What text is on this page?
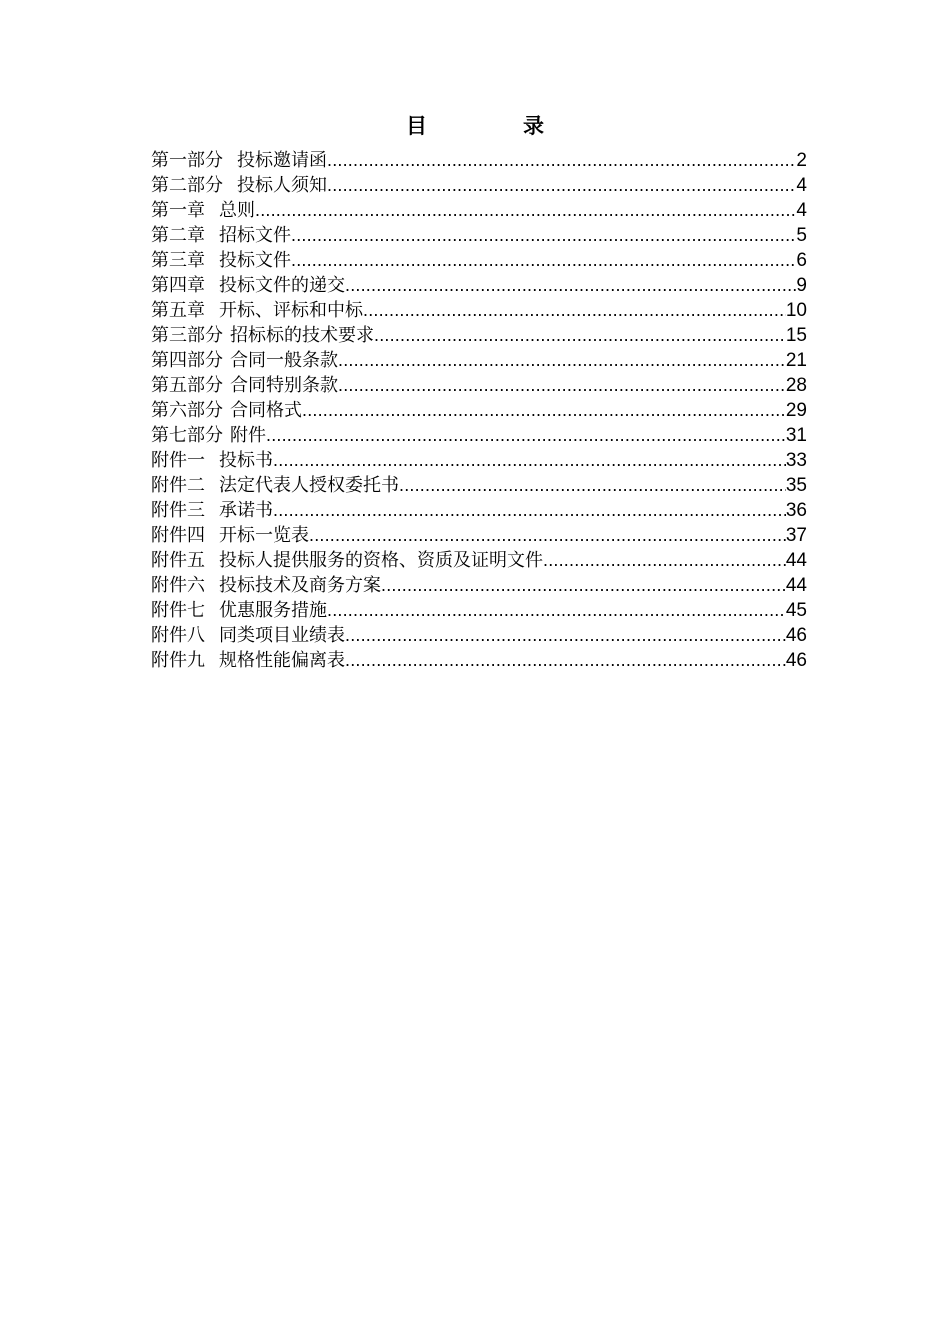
目	录
第一部分 投标邀请函 .....	2
第二部分 投标人须知 .....	4
第一章 总则 .....	4
第二章 招标文件 .....	5
第三章 投标文件 .....	6
第四章 投标文件的递交 .....	9
第五章 开标、评标和中标 .....	10
第三部分 招标标的技术要求 .....	15
第四部分 合同一般条款 .....	21
第五部分 合同特别条款 .....	28
第六部分 合同格式 .....	29
第七部分 附件 .....	31
附件一 投标书 .....	33
附件二 法定代表人授权委托书 .....	35
附件三 承诺书 .....	36
附件四 开标一览表 .....	37
附件五 投标人提供服务的资格、资质及证明文件 .....	44
附件六 投标技术及商务方案 .....	44
附件七 优惠服务措施 .....	45
附件八 同类项目业绩表 .....	46
附件九 规格性能偏离表 .....	46
